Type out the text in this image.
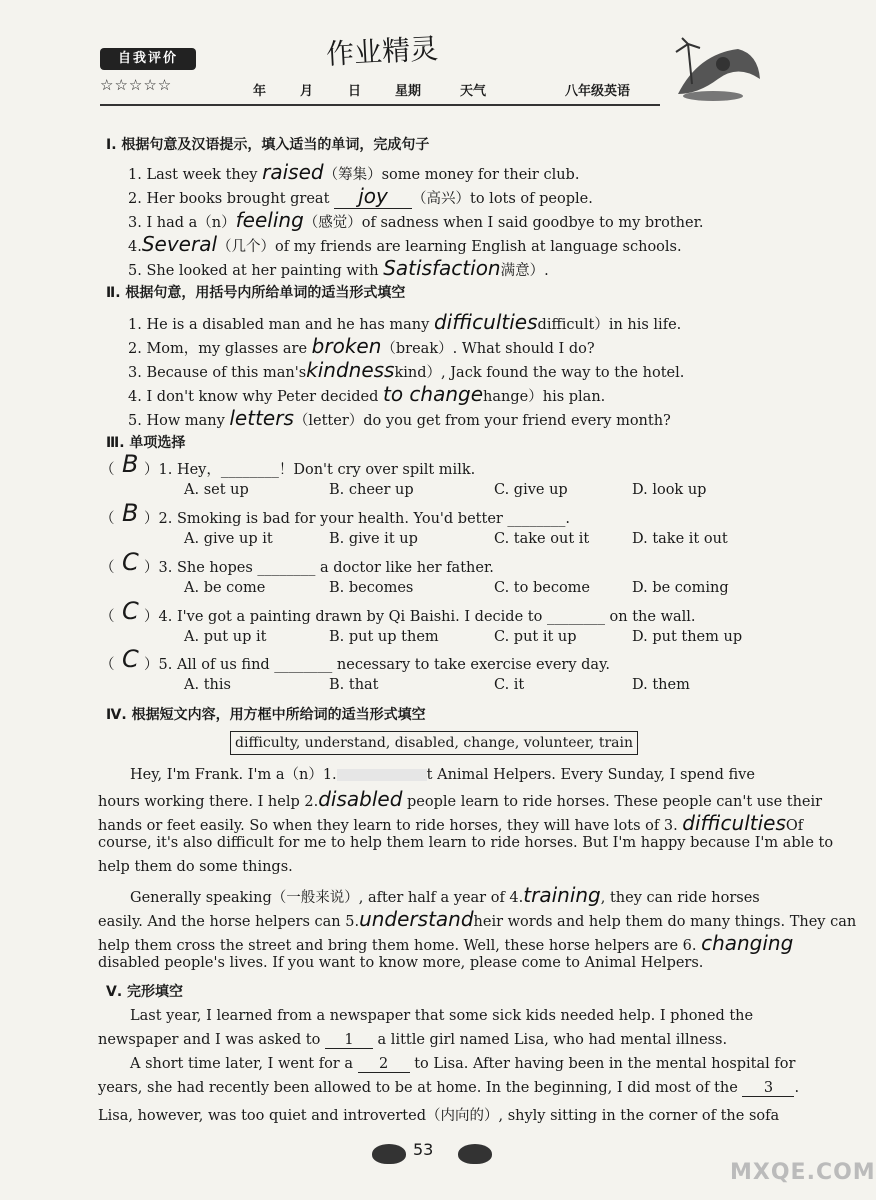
自我评价
☆☆☆☆☆
作业精灵
年	月	日	星期	天气	八年级英语
Ⅰ. 根据句意及汉语提示，填入适当的单词，完成句子
1. Last week they raised（筹集）some money for their club.
2. Her books brought great joy （高兴）to lots of people.
3. I had a（n）feeling（感觉）of sadness when I said goodbye to my brother.
4.Several（几个）of my friends are learning English at language schools.
5. She looked at her painting with Satisfaction满意）.
Ⅱ. 根据句意，用括号内所给单词的适当形式填空
1. He is a disabled man and he has many difficultiesdifficult）in his life.
2. Mom，my glasses are broken（break）. What should I do?
3. Because of this man'skindnesskind）, Jack found the way to the hotel.
4. I don't know why Peter decided to changehange）his plan.
5. How many letters（letter）do you get from your friend every month?
Ⅲ. 单项选择
（ B ）1. Hey，________！Don't cry over spilt milk.
A. set up	B. cheer up	C. give up	D. look up
（ B ）2. Smoking is bad for your health. You'd better ________.
A. give up it	B. give it up	C. take out it	D. take it out
（ C ）3. She hopes ________ a doctor like her father.
A. be come	B. becomes	C. to become	D. be coming
（ C ）4. I've got a painting drawn by Qi Baishi. I decide to ________ on the wall.
A. put up it	B. put up them	C. put it up	D. put them up
（ C ）5. All of us find ________ necessary to take exercise every day.
A. this	B. that	C. it	D. them
Ⅳ. 根据短文内容，用方框中所给词的适当形式填空
difficulty, understand, disabled, change, volunteer, train
Hey, I'm Frank. I'm a（n）1.	t Animal Helpers. Every Sunday, I spend five
hours working there. I help 2.disabled people learn to ride horses. These people can't use their
hands or feet easily. So when they learn to ride horses, they will have lots of 3. difficultiesOf
course, it's also difficult for me to help them learn to ride horses. But I'm happy because I'm able to
help them do some things.
Generally speaking（一般来说）, after half a year of 4.training, they can ride horses
easily. And the horse helpers can 5.understandheir words and help them do many things. They can
help them cross the street and bring them home. Well, these horse helpers are 6. changing
disabled people's lives. If you want to know more, please come to Animal Helpers.
Ⅴ. 完形填空
Last year, I learned from a newspaper that some sick kids needed help. I phoned the
newspaper and I was asked to 1 a little girl named Lisa, who had mental illness.
A short time later, I went for a 2 to Lisa. After having been in the mental hospital for
years, she had recently been allowed to be at home. In the beginning, I did most of the 3 .
Lisa, however, was too quiet and introverted（内向的）, shyly sitting in the corner of the sofa
53
MXQE.COM
